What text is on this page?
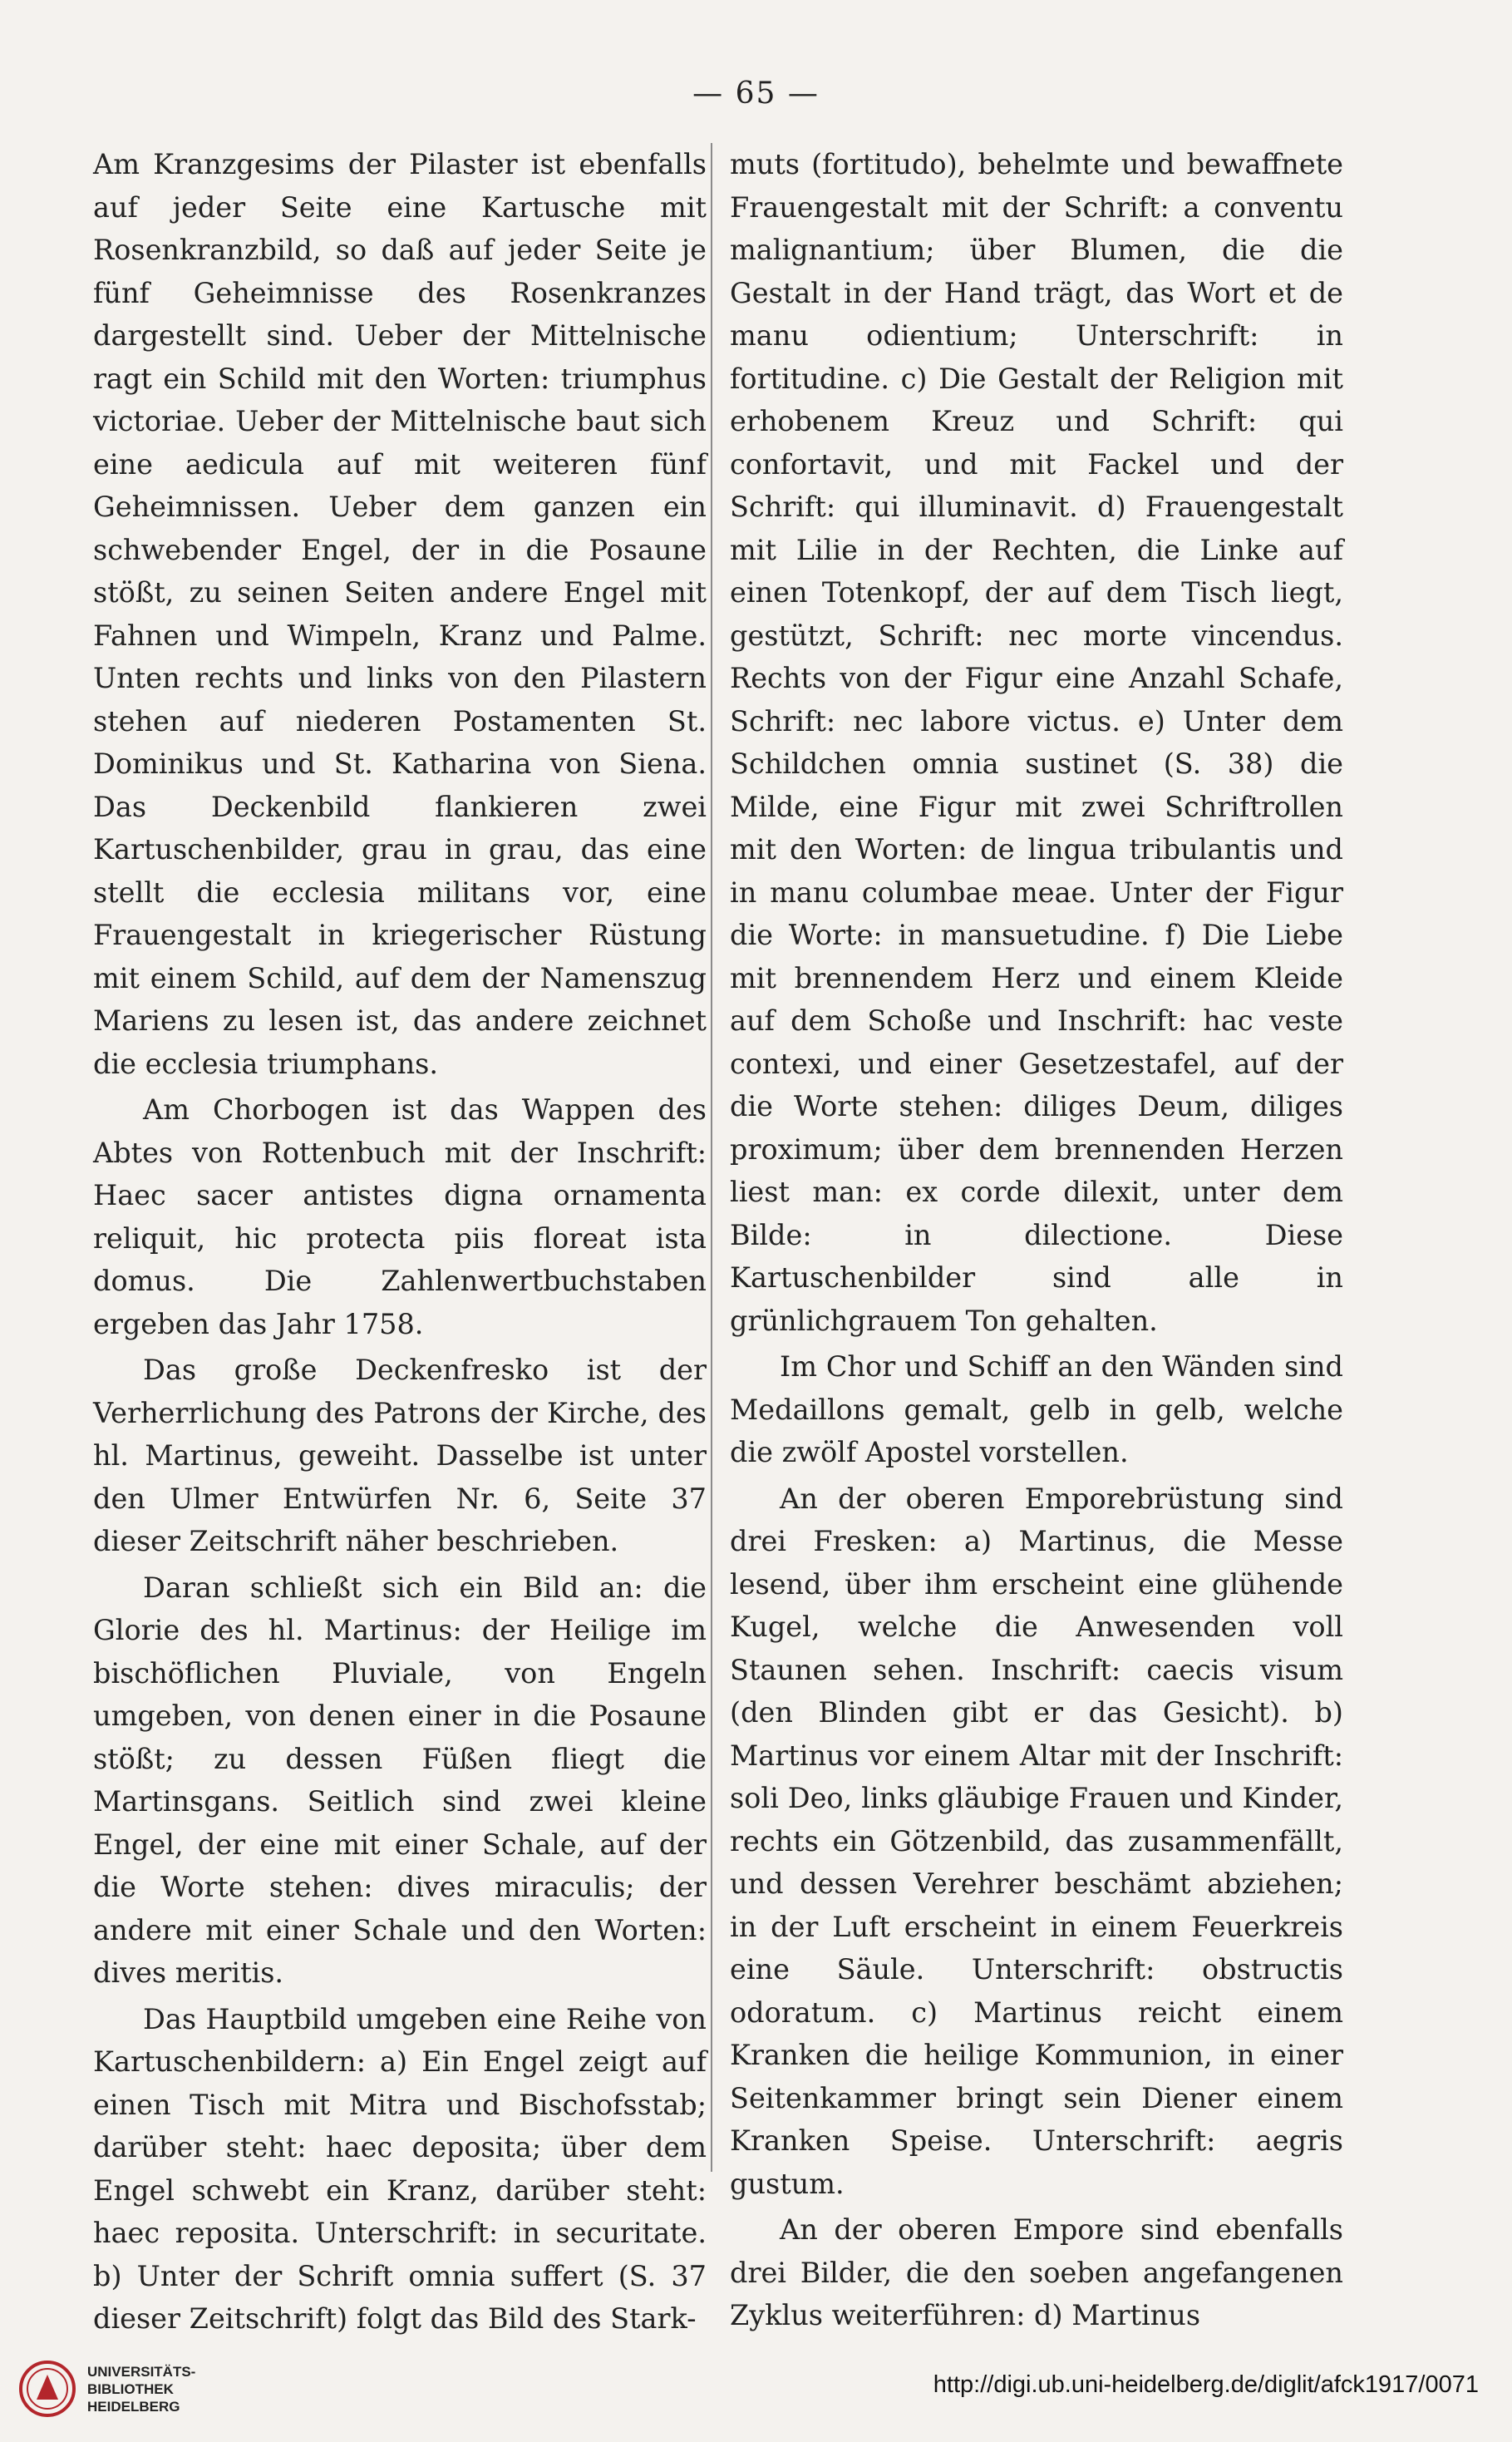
— 65 —

Am Kranzgesims der Pilaster ist ebenfalls auf jeder Seite eine Kartusche mit Rosenkranzbild, so daß auf jeder Seite je fünf Geheimnisse des Rosenkranzes dargestellt sind. Ueber der Mittelnische ragt ein Schild mit den Worten: triumphus victoriae. Ueber der Mittelnische baut sich eine aedicula auf mit weiteren fünf Geheimnissen. Ueber dem ganzen ein schwebender Engel, der in die Posaune stößt, zu seinen Seiten andere Engel mit Fahnen und Wimpeln, Kranz und Palme. Unten rechts und links von den Pilastern stehen auf niederen Postamenten St. Dominikus und St. Katharina von Siena. Das Deckenbild flankieren zwei Kartuschenbilder, grau in grau, das eine stellt die ecclesia militans vor, eine Frauengestalt in kriegerischer Rüstung mit einem Schild, auf dem der Namenszug Mariens zu lesen ist, das andere zeichnet die ecclesia triumphans.

Am Chorbogen ist das Wappen des Abtes von Rottenbuch mit der Inschrift: Haec sacer antistes digna ornamenta reliquit, hic protecta piis floreat ista domus. Die Zahlenwertbuchstaben ergeben das Jahr 1758.

Das große Deckenfresko ist der Verherrlichung des Patrons der Kirche, des hl. Martinus, geweiht. Dasselbe ist unter den Ulmer Entwürfen Nr. 6, Seite 37 dieser Zeitschrift näher beschrieben.

Daran schließt sich ein Bild an: die Glorie des hl. Martinus: der Heilige im bischöflichen Pluviale, von Engeln umgeben, von denen einer in die Posaune stößt; zu dessen Füßen fliegt die Martinsgans. Seitlich sind zwei kleine Engel, der eine mit einer Schale, auf der die Worte stehen: dives miraculis; der andere mit einer Schale und den Worten: dives meritis.

Das Hauptbild umgeben eine Reihe von Kartuschenbildern: a) Ein Engel zeigt auf einen Tisch mit Mitra und Bischofsstab; darüber steht: haec deposita; über dem Engel schwebt ein Kranz, darüber steht: haec reposita. Unterschrift: in securitate. b) Unter der Schrift omnia suffert (S. 37 dieser Zeitschrift) folgt das Bild des Stark-

muts (fortitudo), behelmte und bewaffnete Frauengestalt mit der Schrift: a conventu malignantium; über Blumen, die die Gestalt in der Hand trägt, das Wort et de manu odientium; Unterschrift: in fortitudine. c) Die Gestalt der Religion mit erhobenem Kreuz und Schrift: qui confortavit, und mit Fackel und der Schrift: qui illuminavit. d) Frauengestalt mit Lilie in der Rechten, die Linke auf einen Totenkopf, der auf dem Tisch liegt, gestützt, Schrift: nec morte vincendus. Rechts von der Figur eine Anzahl Schafe, Schrift: nec labore victus. e) Unter dem Schildchen omnia sustinet (S. 38) die Milde, eine Figur mit zwei Schriftrollen mit den Worten: de lingua tribulantis und in manu columbae meae. Unter der Figur die Worte: in mansuetudine. f) Die Liebe mit brennendem Herz und einem Kleide auf dem Schoße und Inschrift: hac veste contexi, und einer Gesetzestafel, auf der die Worte stehen: diliges Deum, diliges proximum; über dem brennenden Herzen liest man: ex corde dilexit, unter dem Bilde: in dilectione. Diese Kartuschenbilder sind alle in grünlichgrauem Ton gehalten.

Im Chor und Schiff an den Wänden sind Medaillons gemalt, gelb in gelb, welche die zwölf Apostel vorstellen.

An der oberen Emporebrüstung sind drei Fresken: a) Martinus, die Messe lesend, über ihm erscheint eine glühende Kugel, welche die Anwesenden voll Staunen sehen. Inschrift: caecis visum (den Blinden gibt er das Gesicht). b) Martinus vor einem Altar mit der Inschrift: soli Deo, links gläubige Frauen und Kinder, rechts ein Götzenbild, das zusammenfällt, und dessen Verehrer beschämt abziehen; in der Luft erscheint in einem Feuerkreis eine Säule. Unterschrift: obstructis odoratum. c) Martinus reicht einem Kranken die heilige Kommunion, in einer Seitenkammer bringt sein Diener einem Kranken Speise. Unterschrift: aegris gustum.

An der oberen Empore sind ebenfalls drei Bilder, die den soeben angefangenen Zyklus weiterführen: d) Martinus

UNIVERSITÄTS-
BIBLIOTHEK
HEIDELBERG
http://digi.ub.uni-heidelberg.de/diglit/afck1917/0071
